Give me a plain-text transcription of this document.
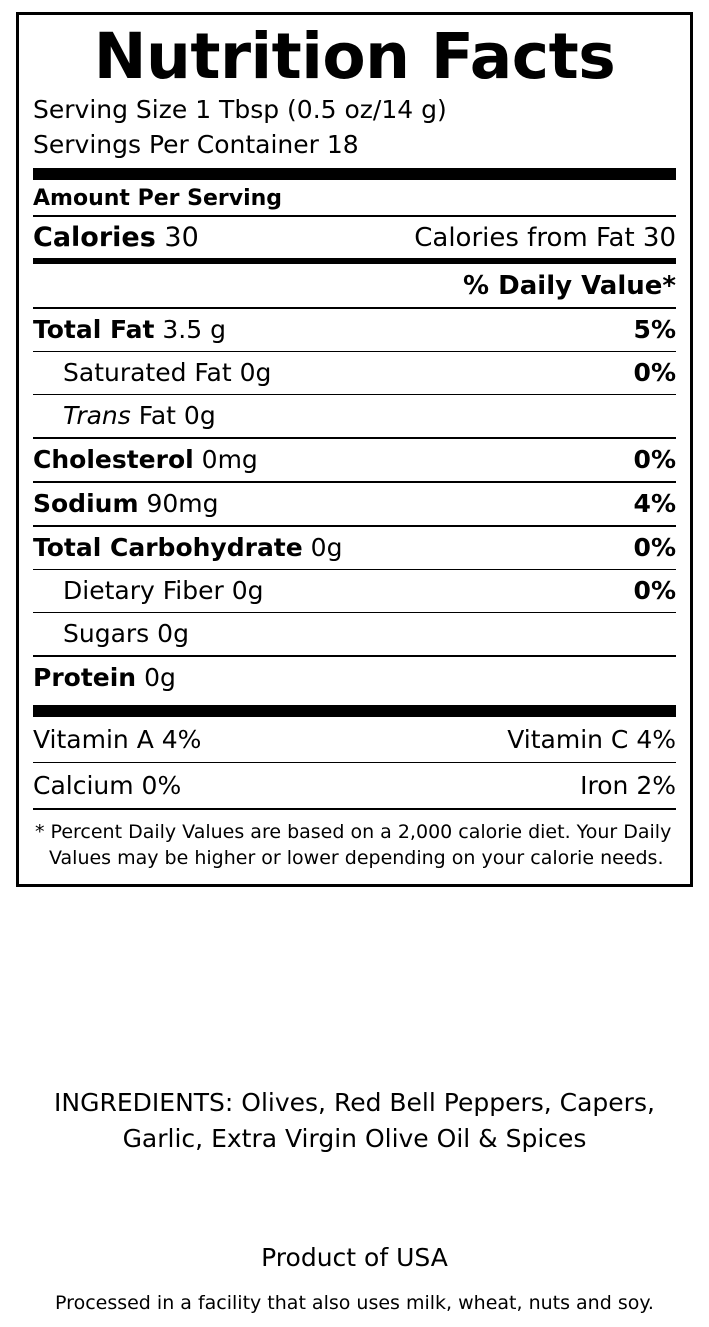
Nutrition Facts
Serving Size 1 Tbsp (0.5 oz/14 g)
Servings Per Container 18
Amount Per Serving
Calories 30	Calories from Fat 30
% Daily Value*
Total Fat 3.5 g	5%
Saturated Fat 0g	0%
Trans Fat 0g
Cholesterol 0mg	0%
Sodium 90mg	4%
Total Carbohydrate 0g	0%
Dietary Fiber 0g	0%
Sugars 0g
Protein 0g
Vitamin A 4%	Vitamin C 4%
Calcium 0%	Iron 2%
* Percent Daily Values are based on a 2,000 calorie diet. Your Daily
Values may be higher or lower depending on your calorie needs.
INGREDIENTS: Olives, Red Bell Peppers, Capers,
Garlic, Extra Virgin Olive Oil & Spices
Product of USA
Processed in a facility that also uses milk, wheat, nuts and soy.
